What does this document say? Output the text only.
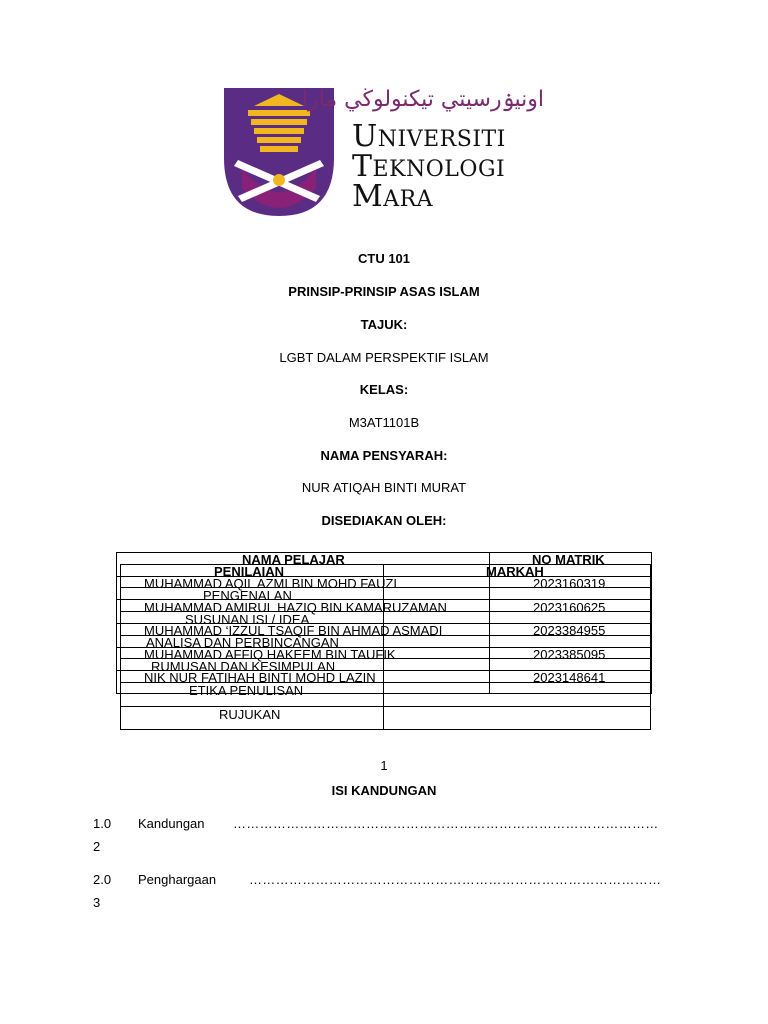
اونيۏرسيتي تيكنولوڬي مارا
UNIVERSITI
TEKNOLOGI
MARA
CTU 101
PRINSIP-PRINSIP ASAS ISLAM
TAJUK:
LGBT DALAM PERSPEKTIF ISLAM
KELAS:
M3AT1101B
NAMA PENSYARAH:
NUR ATIQAH BINTI MURAT
DISEDIAKAN OLEH:
NAMA PELAJAR	NO MATRIK
MUHAMMAD AQIL AZMI BIN MOHD FAUZI	2023160319
MUHAMMAD AMIRUL HAZIQ BIN KAMARUZAMAN	2023160625
MUHAMMAD ‘IZZUL TSAQIF BIN AHMAD ASMADI	2023384955
MUHAMMAD AFFIQ HAKEEM BIN TAUFIK	2023385095
NIK NUR FATIHAH BINTI MOHD LAZIN	2023148641
PENILAIAN	MARKAH
PENGENALAN
SUSUNAN ISI / IDEA
ANALISA DAN PERBINCANGAN
RUMUSAN DAN KESIMPULAN
ETIKA PENULISAN
RUJUKAN
1
ISI KANDUNGAN
1.0 Kandungan ……………………………………………………………………………………
2
2.0 Penghargaan	…………………………………………………………………………………
3
